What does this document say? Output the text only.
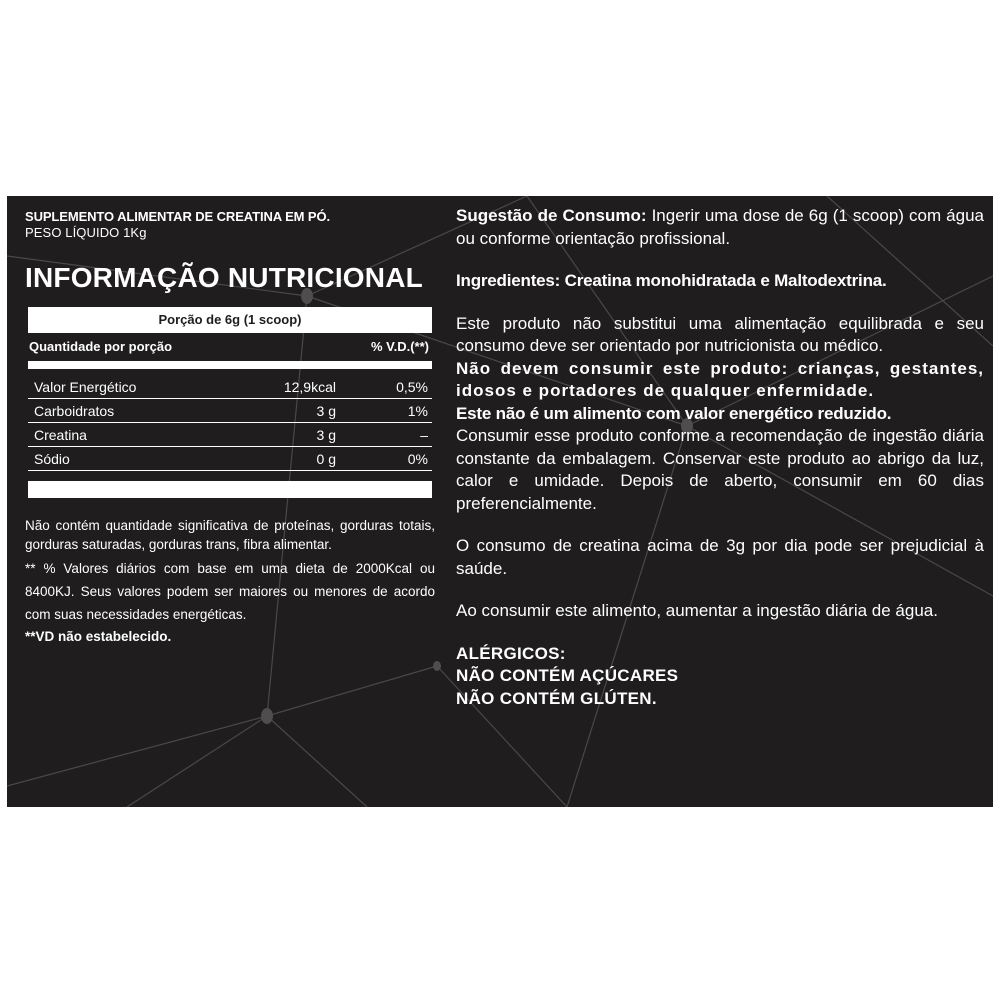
SUPLEMENTO ALIMENTAR DE CREATINA EM PÓ.
PESO LÍQUIDO 1Kg
INFORMAÇÃO NUTRICIONAL
Porção de 6g (1 scoop)
Quantidade por porção	% V.D.(**)
Valor Energético	12,9kcal	0,5%
Carboidratos	3 g	1%
Creatina	3 g	–
Sódio	0 g	0%

Não contém quantidade significativa de proteínas, gorduras totais, gorduras saturadas, gorduras trans, fibra alimentar.

** % Valores diários com base em uma dieta de 2000Kcal ou 8400KJ. Seus valores podem ser maiores ou menores de acordo com suas necessidades energéticas.

**VD não estabelecido.

Sugestão de Consumo: Ingerir uma dose de 6g (1 scoop) com água ou conforme orientação profissional.

Ingredientes: Creatina monohidratada e Maltodextrina.

Este produto não substitui uma alimentação equilibrada e seu consumo deve ser orientado por nutricionista ou médico.

Não devem consumir este produto: crianças, gestantes, idosos e portadores de qualquer enfermidade.

Este não é um alimento com valor energético reduzido.

Consumir esse produto conforme a recomendação de ingestão diária constante da embalagem. Conservar este produto ao abrigo da luz, calor e umidade. Depois de aberto, consumir em 60 dias preferencialmente.

O consumo de creatina acima de 3g por dia pode ser prejudicial à saúde.

Ao consumir este alimento, aumentar a ingestão diária de água.

ALÉRGICOS:
NÃO CONTÉM AÇÚCARES
NÃO CONTÉM GLÚTEN.
